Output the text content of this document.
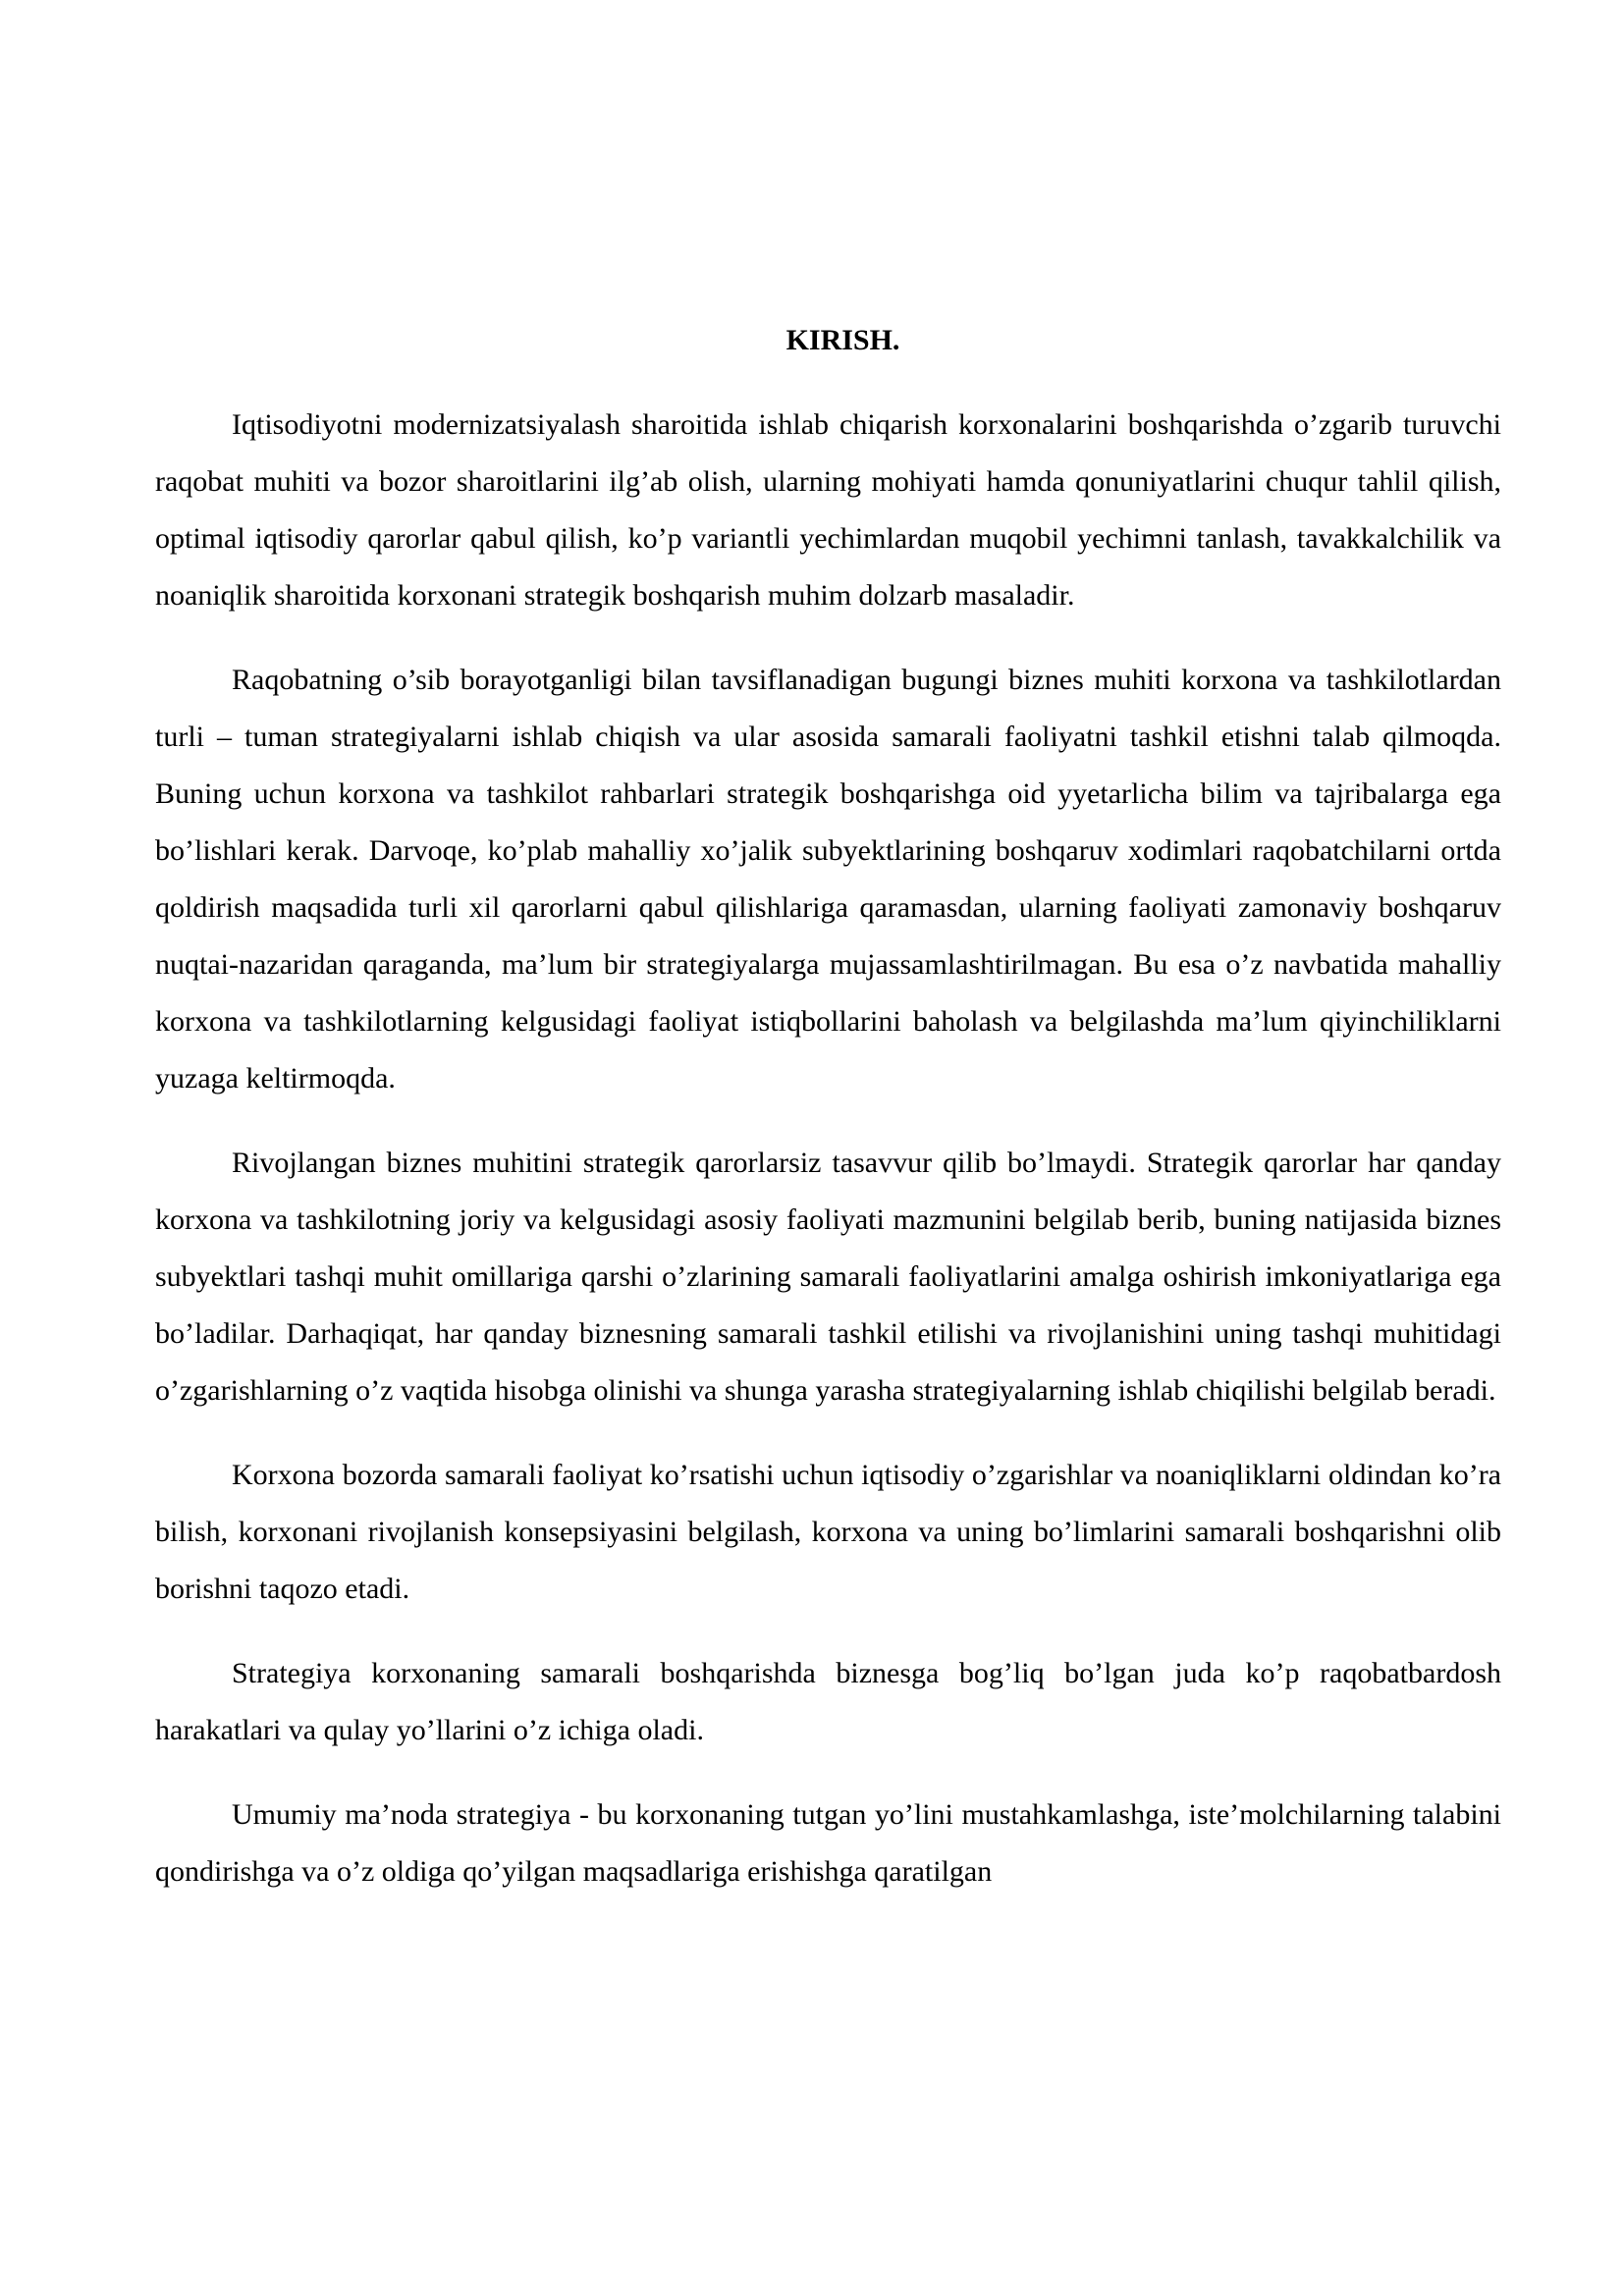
KIRISH.

Iqtisodiyotni modernizatsiyalash sharoitida ishlab chiqarish korxonalarini boshqarishda o’zgarib turuvchi raqobat muhiti va bozor sharoitlarini ilg’ab olish, ularning mohiyati hamda qonuniyatlarini chuqur tahlil qilish, optimal iqtisodiy qarorlar qabul qilish, ko’p variantli yechimlardan muqobil yechimni tanlash, tavakkalchilik va noaniqlik sharoitida korxonani strategik boshqarish muhim dolzarb masaladir.

Raqobatning o’sib borayotganligi bilan tavsiflanadigan bugungi biznes muhiti korxona va tashkilotlardan turli – tuman strategiyalarni ishlab chiqish va ular asosida samarali faoliyatni tashkil etishni talab qilmoqda. Buning uchun korxona va tashkilot rahbarlari strategik boshqarishga oid yyetarlicha bilim va tajribalarga ega bo’lishlari kerak. Darvoqe, ko’plab mahalliy xo’jalik subyektlarining boshqaruv xodimlari raqobatchilarni ortda qoldirish maqsadida turli xil qarorlarni qabul qilishlariga qaramasdan, ularning faoliyati zamonaviy boshqaruv nuqtai-nazaridan qaraganda, ma’lum bir strategiyalarga mujassamlashtirilmagan. Bu esa o’z navbatida mahalliy korxona va tashkilotlarning kelgusidagi faoliyat istiqbollarini baholash va belgilashda ma’lum qiyinchiliklarni yuzaga keltirmoqda.

Rivojlangan biznes muhitini strategik qarorlarsiz tasavvur qilib bo’lmaydi. Strategik qarorlar har qanday korxona va tashkilotning joriy va kelgusidagi asosiy faoliyati mazmunini belgilab berib, buning natijasida biznes subyektlari tashqi muhit omillariga qarshi o’zlarining samarali faoliyatlarini amalga oshirish imkoniyatlariga ega bo’ladilar. Darhaqiqat, har qanday biznesning samarali tashkil etilishi va rivojlanishini uning tashqi muhitidagi o’zgarishlarning o’z vaqtida hisobga olinishi va shunga yarasha strategiyalarning ishlab chiqilishi belgilab beradi.

Korxona bozorda samarali faoliyat ko’rsatishi uchun iqtisodiy o’zgarishlar va noaniqliklarni oldindan ko’ra bilish, korxonani rivojlanish konsepsiyasini belgilash, korxona va uning bo’limlarini samarali boshqarishni olib borishni taqozo etadi.

Strategiya korxonaning samarali boshqarishda biznesga bog’liq bo’lgan juda ko’p raqobatbardosh harakatlari va qulay yo’llarini o’z ichiga oladi.

Umumiy ma’noda strategiya - bu korxonaning tutgan yo’lini mustahkamlashga, iste’molchilarning talabini qondirishga va o’z oldiga qo’yilgan maqsadlariga erishishga qaratilgan
